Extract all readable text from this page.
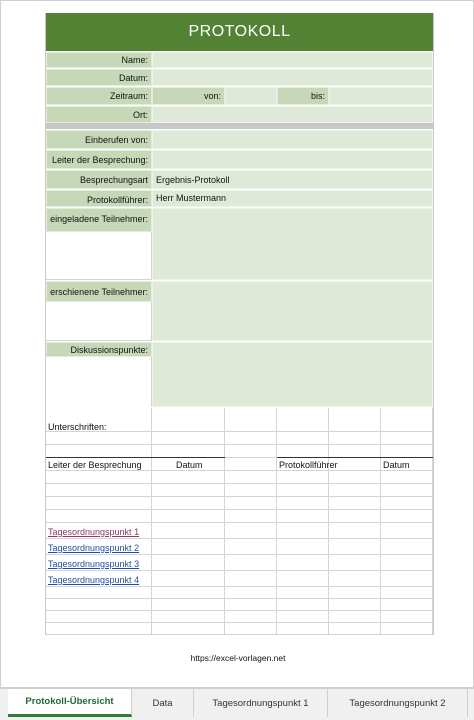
PROTOKOLL
Name:
Datum:
Zeitraum:	von:	bis:
Ort:
Einberufen von:
Leiter der Besprechung:
Besprechungsart Ergebnis-Protokoll
Protokollführer: Herr Mustermann
eingeladene Teilnehmer:
erschienene Teilnehmer:
Diskussionspunkte:
Unterschriften:
Leiter der Besprechung	Datum	Protokollführer	Datum
Tagesordnungspunkt 1
Tagesordnungspunkt 2
Tagesordnungspunkt 3
Tagesordnungspunkt 4
https://excel-vorlagen.net
Protokoll-Übersicht	Data	Tagesordnungspunkt 1	Tagesordnungspunkt 2
